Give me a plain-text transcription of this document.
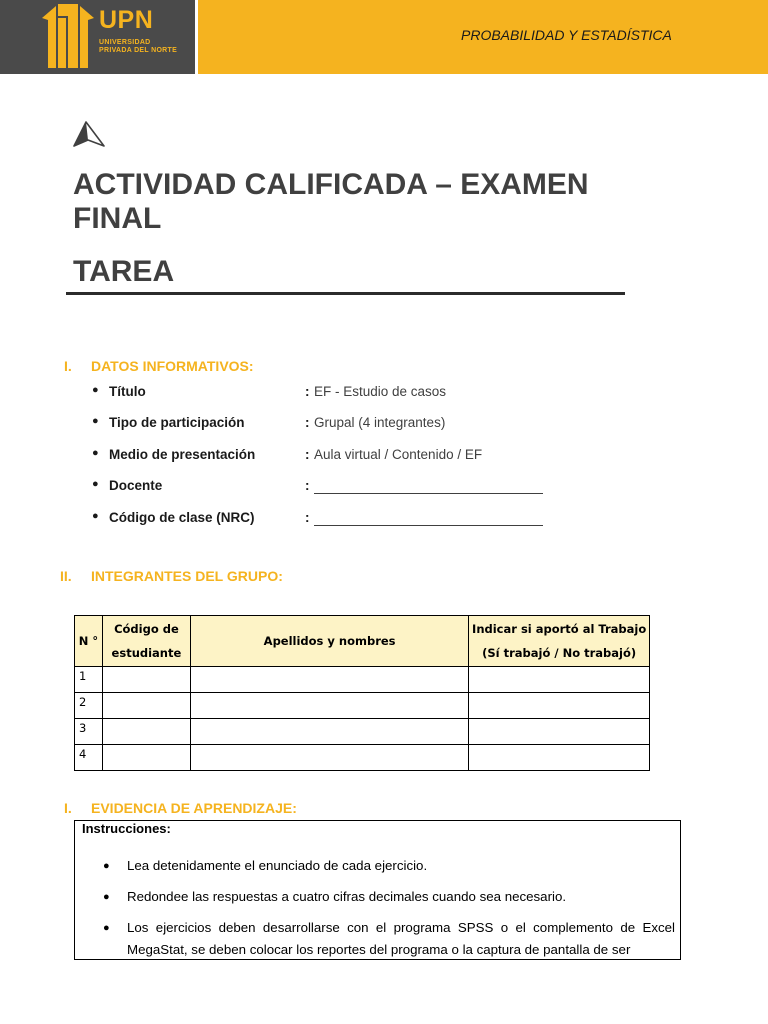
UPN
UNIVERSIDAD PRIVADA DEL NORTE
PROBABILIDAD Y ESTADÍSTICA
ACTIVIDAD CALIFICADA – EXAMEN FINAL
TAREA
I. DATOS INFORMATIVOS:
● Título	: EF - Estudio de casos
● Tipo de participación	: Grupal (4 integrantes)
● Medio de presentación	: Aula virtual / Contenido / EF
● Docente	:
● Código de clase (NRC)	:
II. INTEGRANTES DEL GRUPO:
N °	Código de estudiante	Apellidos y nombres	Indicar si aportó al Trabajo (Sí trabajó / No trabajó)
1			
2			
3			
4			
I. EVIDENCIA DE APRENDIZAJE:
Instrucciones:
● Lea detenidamente el enunciado de cada ejercicio.
● Redondee las respuestas a cuatro cifras decimales cuando sea necesario.
● Los ejercicios deben desarrollarse con el programa SPSS o el complemento de Excel MegaStat, se deben colocar los reportes del programa o la captura de pantalla de ser
